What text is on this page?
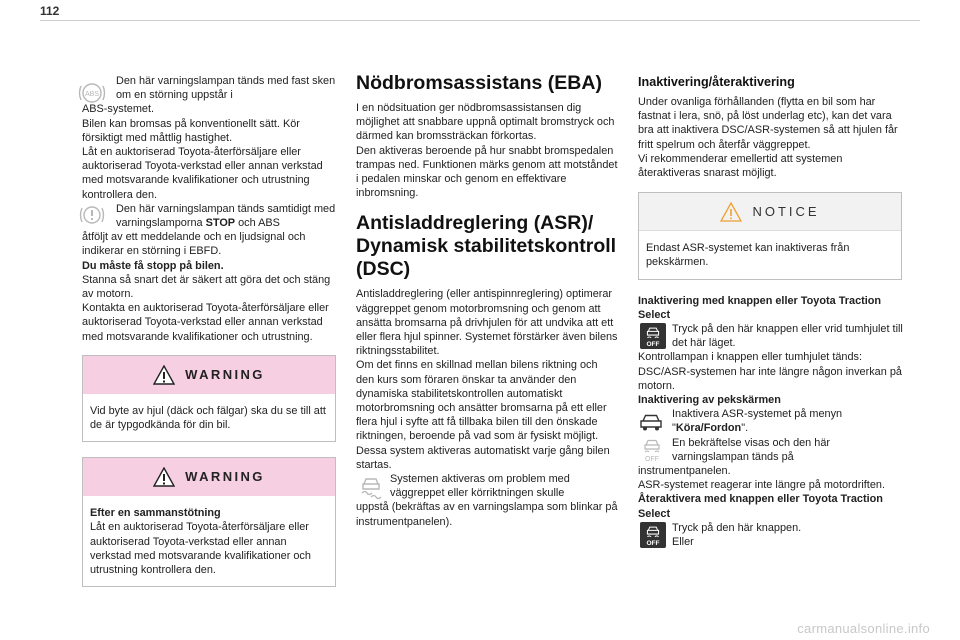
112
ABS

Den här varningslampan tänds med fast sken om en störning uppstår i

ABS-systemet.

Bilen kan bromsas på konventionellt sätt. Kör försiktigt med måttlig hastighet.

Låt en auktoriserad Toyota-återförsäljare eller auktoriserad Toyota-verkstad eller annan verkstad med motsvarande kvalifikationer och utrustning kontrollera den.

Den här varningslampan tänds samtidigt med varningslamporna STOP och ABS

åtföljt av ett meddelande och en ljudsignal och indikerar en störning i EBFD.

Du måste få stopp på bilen.

Stanna så snart det är säkert att göra det och stäng av motorn.

Kontakta en auktoriserad Toyota-återförsäljare eller auktoriserad Toyota-verkstad eller annan verkstad med motsvarande kvalifikationer och utrustning.

WARNING

Vid byte av hjul (däck och fälgar) ska du se till att de är typgodkända för din bil.

WARNING

Efter en sammanstötning

Låt en auktoriserad Toyota-återförsäljare eller auktoriserad Toyota-verkstad eller annan verkstad med motsvarande kvalifikationer och utrustning kontrollera den.

Nödbromsassistans (EBA)

I en nödsituation ger nödbromsassistansen dig möjlighet att snabbare uppnå optimalt bromstryck och därmed kan bromssträckan förkortas.

Den aktiveras beroende på hur snabbt bromspedalen trampas ned. Funktionen märks genom att motståndet i pedalen minskar och genom en effektivare inbromsning.

Antisladdreglering (ASR)/
Dynamisk stabilitetskontroll
(DSC)

Antisladdreglering (eller antispinnreglering) optimerar väggreppet genom motorbromsning och genom att ansätta bromsarna på drivhjulen för att undvika att ett eller flera hjul spinner. Systemet förstärker även bilens riktningsstabilitet.

Om det finns en skillnad mellan bilens riktning och den kurs som föraren önskar ta använder den dynamiska stabilitetskontrollen automatiskt motorbromsning och ansätter bromsarna på ett eller flera hjul i syfte att få tillbaka bilen till den önskade riktningen, beroende på vad som är fysiskt möjligt.

Dessa system aktiveras automatiskt varje gång bilen startas.

Systemen aktiveras om problem med väggreppet eller körriktningen skulle

uppstå (bekräftas av en varningslampa som blinkar på instrumentpanelen).

Inaktivering/återaktivering

Under ovanliga förhållanden (flytta en bil som har fastnat i lera, snö, på löst underlag etc), kan det vara bra att inaktivera DSC/ASR-systemen så att hjulen får fritt spelrum och återfår väggreppet.

Vi rekommenderar emellertid att systemen återaktiveras snarast möjligt.

NOTICE

Endast ASR-systemet kan inaktiveras från pekskärmen.

Inaktivering med knappen eller Toyota Traction Select

OFF

Tryck på den här knappen eller vrid tumhjulet till det här läget.

Kontrollampan i knappen eller tumhjulet tänds: DSC/ASR-systemen har inte längre någon inverkan på motorn.

Inaktivering av pekskärmen

Inaktivera ASR-systemet på menyn "Köra/Fordon".

OFF

En bekräftelse visas och den här varningslampan tänds på

instrumentpanelen.

ASR-systemet reagerar inte längre på motordriften.

Återaktivera med knappen eller Toyota Traction Select

OFF

Tryck på den här knappen.

Eller

carmanualsonline.info
